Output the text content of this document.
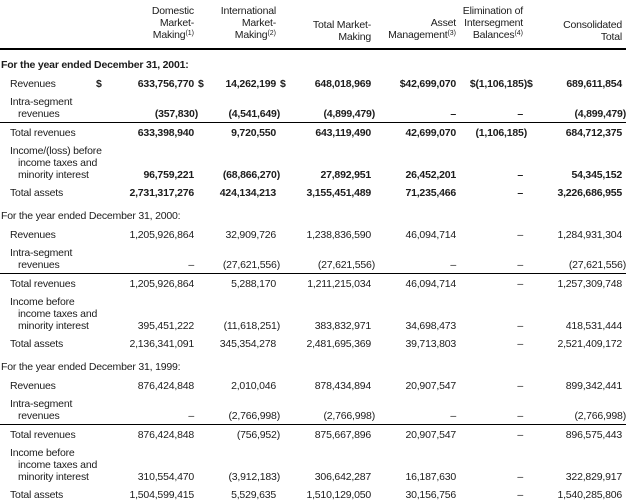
	Domestic
Market-
Making$^{(1)}$	International
Market-
Making$^{(2)}$	Total Market-
Making	Asset
Management$^{(3)}$	Elimination of
Intersegment
Balances$^{(4)}$	Consolidated
Total
For the year ended December 31, 2001:						

Revenues	$ 633,756,770	$ 14,262,199	$ 648,018,969	$42,699,070	$(1,106,185)	$ 689,611,854

Intra-segment
revenues	(357,830)	(4,541,649)	(4,899,479)	–	–	(4,899,479)

Total revenues	633,398,940	9,720,550	643,119,490	42,699,070	(1,106,185)	684,712,375

Income/(loss) before
income taxes and
minority interest	96,759,221	(68,866,270)	27,892,951	26,452,201	–	54,345,152

Total assets	2,731,317,276	424,134,213	3,155,451,489	71,235,466	–	3,226,686,955
For the year ended December 31, 2000:						

Revenues	1,205,926,864	32,909,726	1,238,836,590	46,094,714	–	1,284,931,304

Intra-segment
revenues	–	(27,621,556)	(27,621,556)	–	–	(27,621,556)

Total revenues	1,205,926,864	5,288,170	1,211,215,034	46,094,714	–	1,257,309,748

Income before
income taxes and
minority interest	395,451,222	(11,618,251)	383,832,971	34,698,473	–	418,531,444

Total assets	2,136,341,091	345,354,278	2,481,695,369	39,713,803	–	2,521,409,172
For the year ended December 31, 1999:						

Revenues	876,424,848	2,010,046	878,434,894	20,907,547	–	899,342,441

Intra-segment
revenues	–	(2,766,998)	(2,766,998)	–	–	(2,766,998)

Total revenues	876,424,848	(756,952)	875,667,896	20,907,547	–	896,575,443

Income before
income taxes and
minority interest	310,554,470	(3,912,183)	306,642,287	16,187,630	–	322,829,917

Total assets	1,504,599,415	5,529,635	1,510,129,050	30,156,756	–	1,540,285,806
